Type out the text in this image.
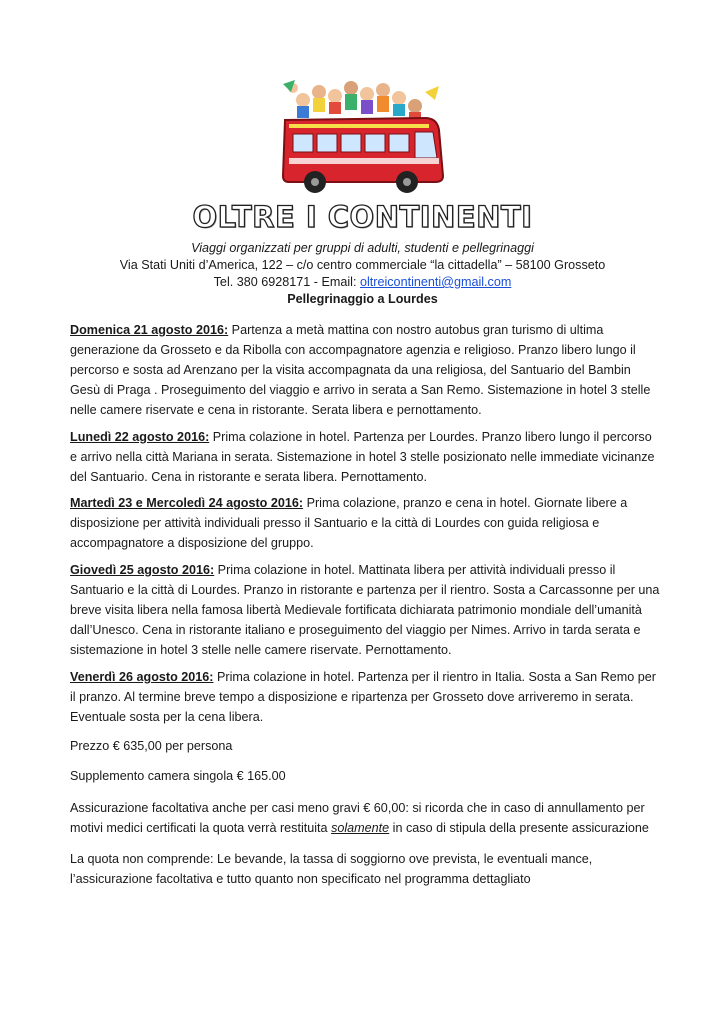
OLTRE I CONTINENTI
Viaggi organizzati per gruppi di adulti, studenti e pellegrinaggi
Via Stati Uniti d’America, 122 – c/o centro commerciale “la cittadella” – 58100 Grosseto
Tel. 380 6928171 - Email: oltreicontinenti@gmail.com
Pellegrinaggio a Lourdes

Domenica 21 agosto 2016: Partenza a metà mattina con nostro autobus gran turismo di ultima generazione da Grosseto e da Ribolla con accompagnatore agenzia e religioso. Pranzo libero lungo il percorso e sosta ad Arenzano per la visita accompagnata da una religiosa, del Santuario del Bambin Gesù di Praga . Proseguimento del viaggio e arrivo in serata a San Remo. Sistemazione in hotel 3 stelle nelle camere riservate e cena in ristorante. Serata libera e pernottamento.

Lunedì 22 agosto 2016: Prima colazione in hotel. Partenza per Lourdes. Pranzo libero lungo il percorso e arrivo nella città Mariana in serata. Sistemazione in hotel 3 stelle posizionato nelle immediate vicinanze del Santuario. Cena in ristorante e serata libera. Pernottamento.

Martedì 23 e Mercoledì 24 agosto 2016: Prima colazione, pranzo e cena in hotel. Giornate libere a disposizione per attività individuali presso il Santuario e la città di Lourdes con guida religiosa e accompagnatore a disposizione del gruppo.

Giovedì 25 agosto 2016: Prima colazione in hotel. Mattinata libera per attività individuali presso il Santuario e la città di Lourdes. Pranzo in ristorante e partenza per il rientro. Sosta a Carcassonne per una breve visita libera nella famosa libertà Medievale fortificata dichiarata patrimonio mondiale dell’umanità dall’Unesco. Cena in ristorante italiano e proseguimento del viaggio per Nimes. Arrivo in tarda serata e sistemazione in hotel 3 stelle nelle camere riservate. Pernottamento.

Venerdì 26 agosto 2016: Prima colazione in hotel. Partenza per il rientro in Italia. Sosta a San Remo per il pranzo. Al termine breve tempo a disposizione e ripartenza per Grosseto dove arriveremo in serata. Eventuale sosta per la cena libera.

Prezzo € 635,00 per persona

Supplemento camera singola € 165.00

Assicurazione facoltativa anche per casi meno gravi € 60,00: si ricorda che in caso di annullamento per motivi medici certificati la quota verrà restituita solamente in caso di stipula della presente assicurazione

La quota non comprende: Le bevande, la tassa di soggiorno ove prevista, le eventuali mance, l’assicurazione facoltativa e tutto quanto non specificato nel programma dettagliato
